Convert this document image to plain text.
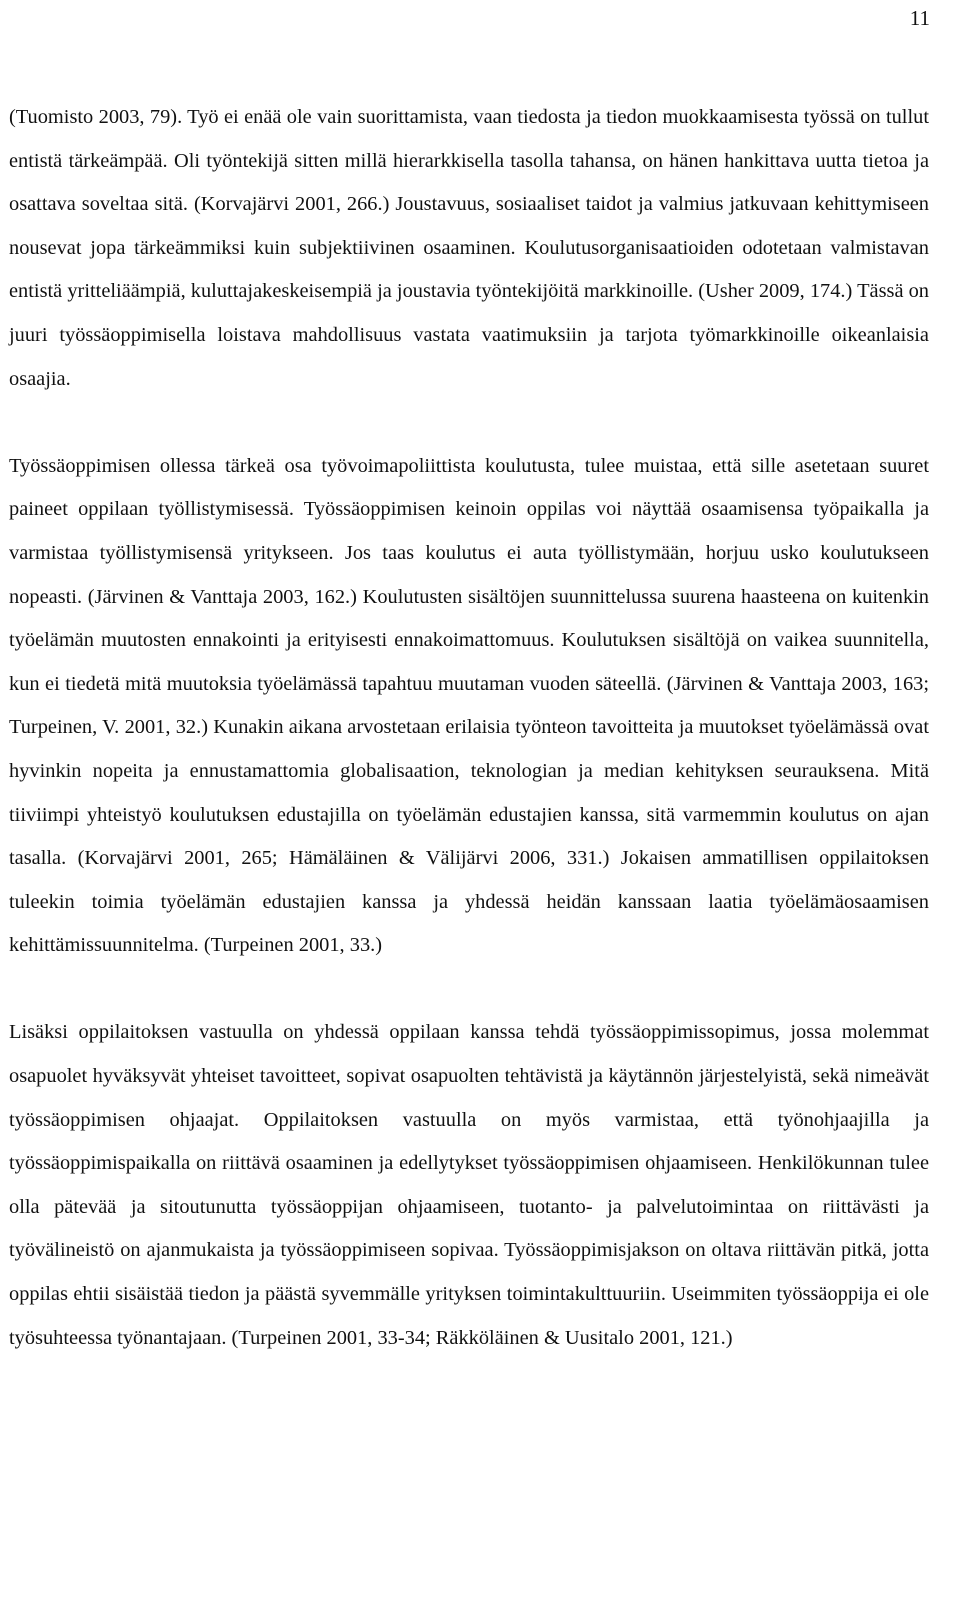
11

(Tuomisto 2003, 79). Työ ei enää ole vain suorittamista, vaan tiedosta ja tiedon muokkaamisesta työssä on tullut entistä tärkeämpää. Oli työntekijä sitten millä hierarkkisella tasolla tahansa, on hänen hankittava uutta tietoa ja osattava soveltaa sitä. (Korvajärvi 2001, 266.) Joustavuus, sosiaaliset taidot ja valmius jatkuvaan kehittymiseen nousevat jopa tärkeämmiksi kuin subjektiivinen osaaminen. Koulutusorganisaatioiden odotetaan valmistavan entistä yritteliäämpiä, kuluttajakeskeisempiä ja joustavia työntekijöitä markkinoille. (Usher 2009, 174.) Tässä on juuri työssäoppimisella loistava mahdollisuus vastata vaatimuksiin ja tarjota työmarkkinoille oikeanlaisia osaajia.

Työssäoppimisen ollessa tärkeä osa työvoimapoliittista koulutusta, tulee muistaa, että sille asetetaan suuret paineet oppilaan työllistymisessä. Työssäoppimisen keinoin oppilas voi näyttää osaamisensa työpaikalla ja varmistaa työllistymisensä yritykseen. Jos taas koulutus ei auta työllistymään, horjuu usko koulutukseen nopeasti. (Järvinen & Vanttaja 2003, 162.) Koulutusten sisältöjen suunnittelussa suurena haasteena on kuitenkin työelämän muutosten ennakointi ja erityisesti ennakoimattomuus. Koulutuksen sisältöjä on vaikea suunnitella, kun ei tiedetä mitä muutoksia työelämässä tapahtuu muutaman vuoden säteellä. (Järvinen & Vanttaja 2003, 163; Turpeinen, V. 2001, 32.) Kunakin aikana arvostetaan erilaisia työnteon tavoitteita ja muutokset työelämässä ovat hyvinkin nopeita ja ennustamattomia globalisaation, teknologian ja median kehityksen seurauksena. Mitä tiiviimpi yhteistyö koulutuksen edustajilla on työelämän edustajien kanssa, sitä varmemmin koulutus on ajan tasalla. (Korvajärvi 2001, 265; Hämäläinen & Välijärvi 2006, 331.) Jokaisen ammatillisen oppilaitoksen tuleekin toimia työelämän edustajien kanssa ja yhdessä heidän kanssaan laatia työelämäosaamisen kehittämissuunnitelma. (Turpeinen 2001, 33.)

Lisäksi oppilaitoksen vastuulla on yhdessä oppilaan kanssa tehdä työssäoppimissopimus, jossa molemmat osapuolet hyväksyvät yhteiset tavoitteet, sopivat osapuolten tehtävistä ja käytännön järjestelyistä, sekä nimeävät työssäoppimisen ohjaajat. Oppilaitoksen vastuulla on myös varmistaa, että työnohjaajilla ja työssäoppimispaikalla on riittävä osaaminen ja edellytykset työssäoppimisen ohjaamiseen. Henkilökunnan tulee olla pätevää ja sitoutunutta työssäoppijan ohjaamiseen, tuotanto- ja palvelutoimintaa on riittävästi ja työvälineistö on ajanmukaista ja työssäoppimiseen sopivaa. Työssäoppimisjakson on oltava riittävän pitkä, jotta oppilas ehtii sisäistää tiedon ja päästä syvemmälle yrityksen toimintakulttuuriin. Useimmiten työssäoppija ei ole työsuhteessa työnantajaan. (Turpeinen 2001, 33-34; Räkköläinen & Uusitalo 2001, 121.)
